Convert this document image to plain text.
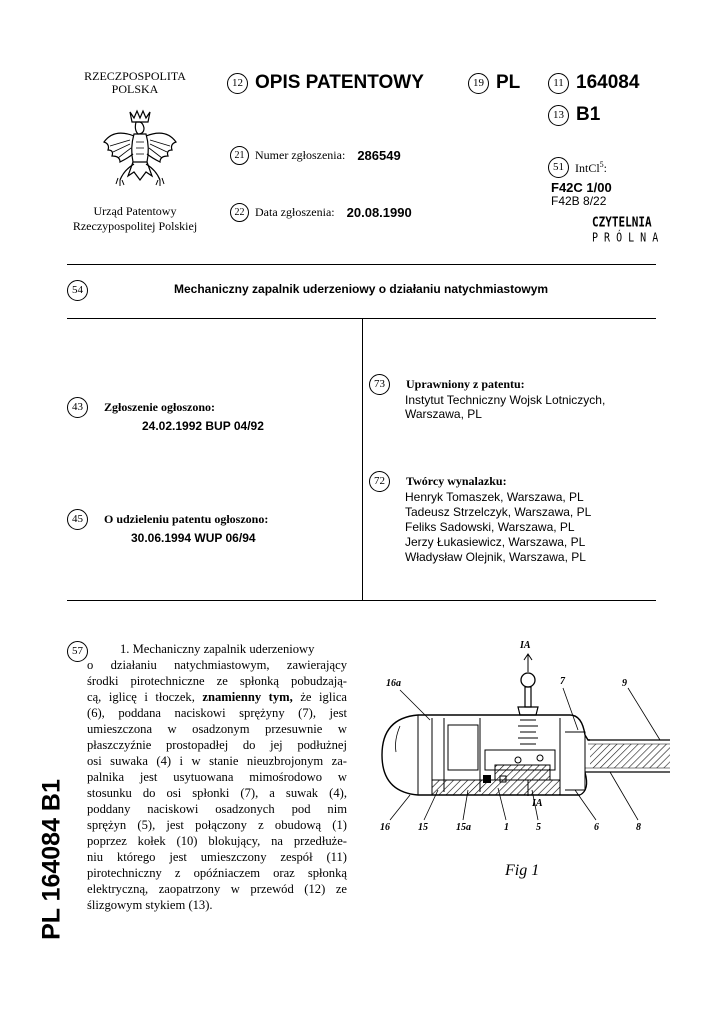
RZECZPOSPOLITA
POLSKA
Urząd Patentowy
Rzeczypospolitej Polskiej
12 OPIS PATENTOWY	19 PL	11 164084
13 B1
21 Numer zgłoszenia: 286549
22 Data zgłoszenia: 20.08.1990
51 IntCl$^5$:
F42C 1/00
F42B 8/22
CZYTELNIA
P R Ó L N A
54	Mechaniczny zapalnik uderzeniowy o działaniu natychmiastowym
43 Zgłoszenie ogłoszono:
24.02.1992 BUP 04/92
45 O udzieleniu patentu ogłoszono:
30.06.1994 WUP 06/94
73 Uprawniony z patentu:
Instytut Techniczny Wojsk Lotniczych,
Warszawa, PL
72 Twórcy wynalazku:
Henryk Tomaszek, Warszawa, PL
Tadeusz Strzelczyk, Warszawa, PL
Feliks Sadowski, Warszawa, PL
Jerzy Łukasiewicz, Warszawa, PL
Władysław Olejnik, Warszawa, PL
PL 164084 B1
57	1. Mechaniczny zapalnik uderzeniowy
o działaniu natychmiastowym, zawierający
środki pirotechniczne ze spłonką pobudzają-
cą, iglicę i tłoczek, znamienny tym, że iglica
(6), poddana naciskowi sprężyny (7), jest
umieszczona w osadzonym przesuwnie w
płaszczyźnie prostopadłej do jej podłużnej
osi suwaka (4) i w stanie nieuzbrojonym za-
palnika jest usytuowana mimośrodowo w
stosunku do osi spłonki (7), a suwak (4),
poddany naciskowi osadzonych pod nim
sprężyn (5), jest połączony z obudową (1)
poprzez kołek (10) blokujący, na przedłuże-
niu którego jest umieszczony zespół (11)
pirotechniczny z opóźniaczem oraz spłonką
elektryczną, zaopatrzony w przewód (12) ze
ślizgowym stykiem (13).
IA
16a	7	9
IA
16	15	15a	1	5	6	8
Fig 1
